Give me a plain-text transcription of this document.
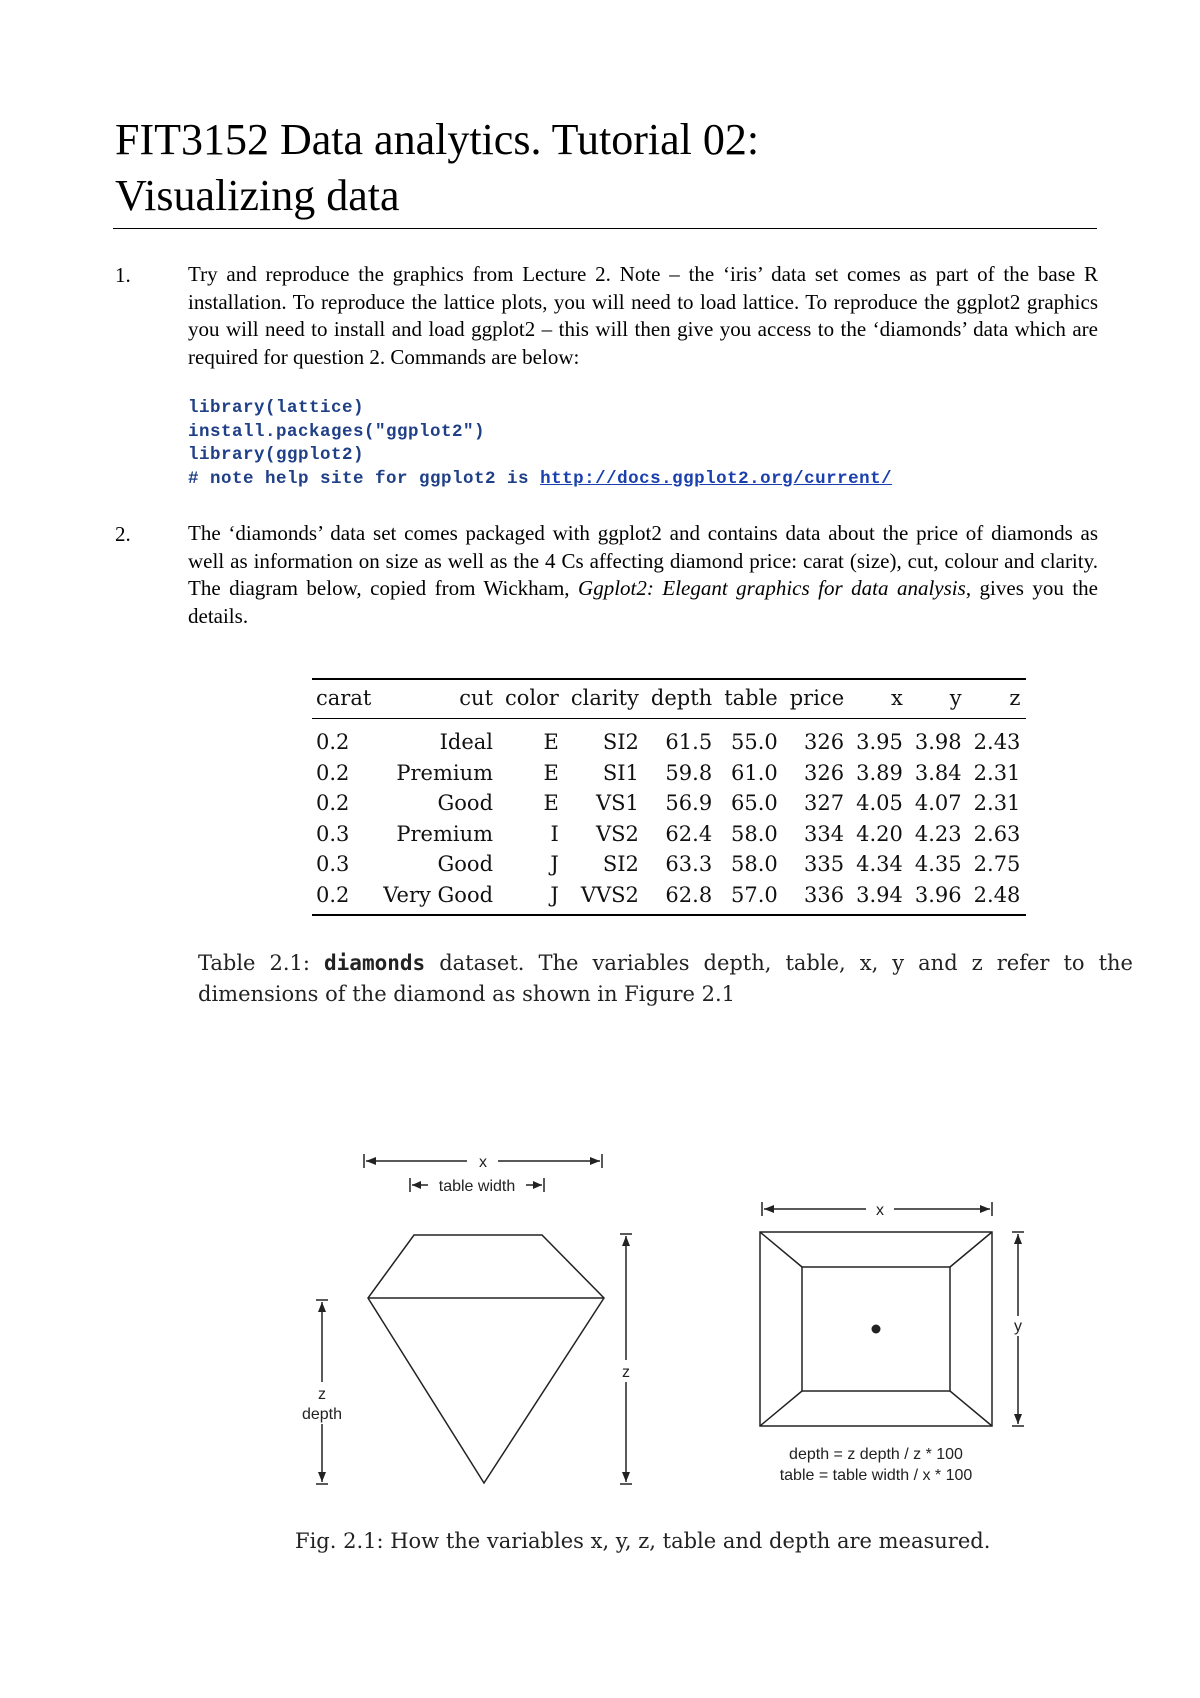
FIT3152 Data analytics. Tutorial 02:
Visualizing data
1.	Try and reproduce the graphics from Lecture 2. Note – the ‘iris’ data set comes as part of the base R installation. To reproduce the lattice plots, you will need to load lattice. To reproduce the ggplot2 graphics you will need to install and load ggplot2 – this will then give you access to the ‘diamonds’ data which are required for question 2. Commands are below:
library(lattice)
install.packages("ggplot2")
library(ggplot2)
# note help site for ggplot2 is http://docs.ggplot2.org/current/
2.	The ‘diamonds’ data set comes packaged with ggplot2 and contains data about the price of diamonds as well as information on size as well as the 4 Cs affecting diamond price: carat (size), cut, colour and clarity. The diagram below, copied from Wickham, Ggplot2: Elegant graphics for data analysis, gives you the details.
carat	cut	color	clarity	depth	table	price	x	y	z
0.2	Ideal	E	SI2	61.5	55.0	326	3.95	3.98	2.43
0.2	Premium	E	SI1	59.8	61.0	326	3.89	3.84	2.31
0.2	Good	E	VS1	56.9	65.0	327	4.05	4.07	2.31
0.3	Premium	I	VS2	62.4	58.0	334	4.20	4.23	2.63
0.3	Good	J	SI2	63.3	58.0	335	4.34	4.35	2.75
0.2	Very Good	J	VVS2	62.8	57.0	336	3.94	3.96	2.48
Table 2.1: diamonds dataset. The variables depth, table, x, y and z refer to the dimensions of the diamond as shown in Figure 2.1
x
table width
z
z
depth
x
y
depth = z depth / z * 100
table = table width / x * 100
Fig. 2.1: How the variables x, y, z, table and depth are measured.
